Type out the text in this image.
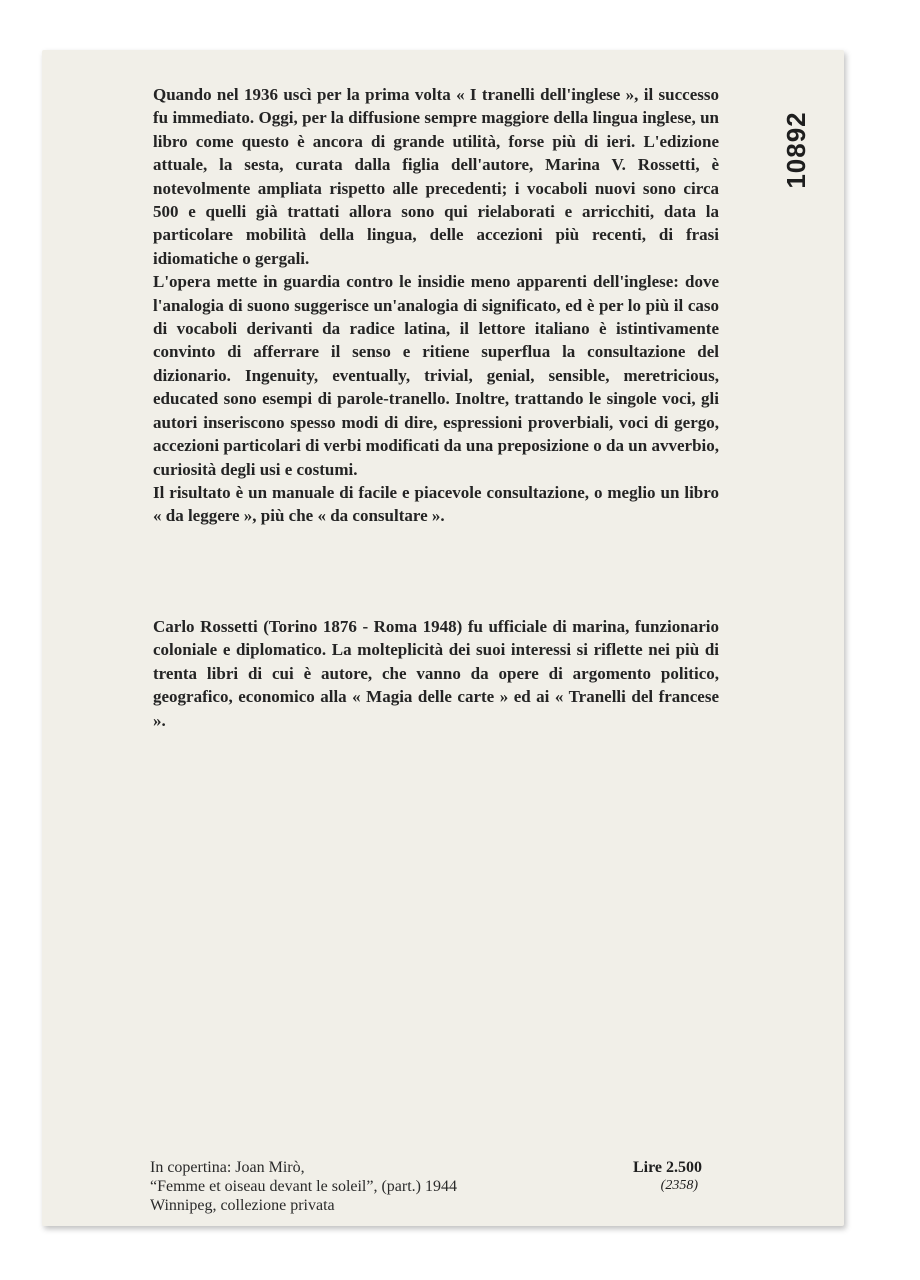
10892

Quando nel 1936 uscì per la prima volta « I tranelli dell'inglese », il successo fu immediato. Oggi, per la diffusione sempre maggiore della lingua inglese, un libro come questo è ancora di grande utilità, forse più di ieri. L'edizione attuale, la sesta, curata dalla figlia dell'autore, Marina V. Rossetti, è notevolmente ampliata rispetto alle precedenti; i vocaboli nuovi sono circa 500 e quelli già trattati allora sono qui rielaborati e arricchiti, data la particolare mobilità della lingua, delle accezioni più recenti, di frasi idiomatiche o gergali.

L'opera mette in guardia contro le insidie meno apparenti dell'inglese: dove l'analogia di suono suggerisce un'analogia di significato, ed è per lo più il caso di vocaboli derivanti da radice latina, il lettore italiano è istintivamente convinto di afferrare il senso e ritiene superflua la consultazione del dizionario. Ingenuity, eventually, trivial, genial, sensible, meretricious, educated sono esempi di parole-tranello. Inoltre, trattando le singole voci, gli autori inseriscono spesso modi di dire, espressioni proverbiali, voci di gergo, accezioni particolari di verbi modificati da una preposizione o da un avverbio, curiosità degli usi e costumi.

Il risultato è un manuale di facile e piacevole consultazione, o meglio un libro « da leggere », più che « da consultare ».

Carlo Rossetti (Torino 1876 - Roma 1948) fu ufficiale di marina, funzionario coloniale e diplomatico. La molteplicità dei suoi interessi si riflette nei più di trenta libri di cui è autore, che vanno da opere di argomento politico, geografico, economico alla « Magia delle carte » ed ai « Tranelli del francese ».

In copertina: Joan Mirò,
“Femme et oiseau devant le soleil”, (part.) 1944
Winnipeg, collezione privata
Lire 2.500
(2358)
